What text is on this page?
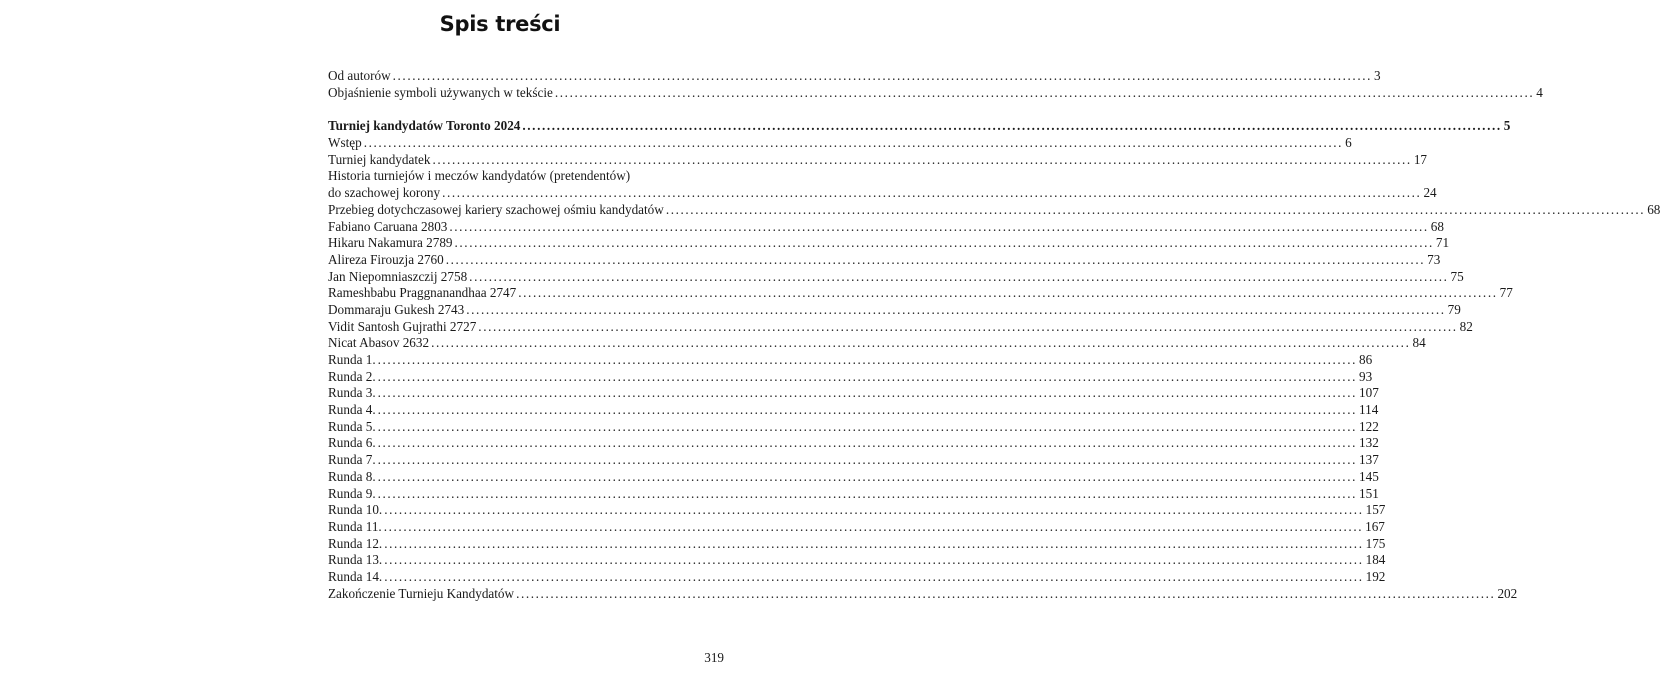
Spis treści
Od autorów ........................................................................................................................................................................................................ 3
Objaśnienie symboli używanych w tekście ........................................................................................................................................................................................................ 4
Turniej kandydatów Toronto 2024 ........................................................................................................................................................................................................ 5
Wstęp ........................................................................................................................................................................................................ 6
Turniej kandydatek ........................................................................................................................................................................................................ 17
Historia turniejów i meczów kandydatów (pretendentów)
do szachowej korony ........................................................................................................................................................................................................ 24
Przebieg dotychczasowej kariery szachowej ośmiu kandydatów ........................................................................................................................................................................................................ 68
Fabiano Caruana 2803 ........................................................................................................................................................................................................ 68
Hikaru Nakamura 2789 ........................................................................................................................................................................................................ 71
Alireza Firouzja 2760 ........................................................................................................................................................................................................ 73
Jan Niepomniaszczij 2758 ........................................................................................................................................................................................................ 75
Rameshbabu Praggnanandhaa 2747 ........................................................................................................................................................................................................ 77
Dommaraju Gukesh 2743 ........................................................................................................................................................................................................ 79
Vidit Santosh Gujrathi 2727 ........................................................................................................................................................................................................ 82
Nicat Abasov 2632 ........................................................................................................................................................................................................ 84
Runda 1. ........................................................................................................................................................................................................ 86
Runda 2. ........................................................................................................................................................................................................ 93
Runda 3. ........................................................................................................................................................................................................ 107
Runda 4. ........................................................................................................................................................................................................ 114
Runda 5. ........................................................................................................................................................................................................ 122
Runda 6. ........................................................................................................................................................................................................ 132
Runda 7. ........................................................................................................................................................................................................ 137
Runda 8. ........................................................................................................................................................................................................ 145
Runda 9. ........................................................................................................................................................................................................ 151
Runda 10. ........................................................................................................................................................................................................ 157
Runda 11. ........................................................................................................................................................................................................ 167
Runda 12. ........................................................................................................................................................................................................ 175
Runda 13. ........................................................................................................................................................................................................ 184
Runda 14. ........................................................................................................................................................................................................ 192
Zakończenie Turnieju Kandydatów ........................................................................................................................................................................................................ 202
319
